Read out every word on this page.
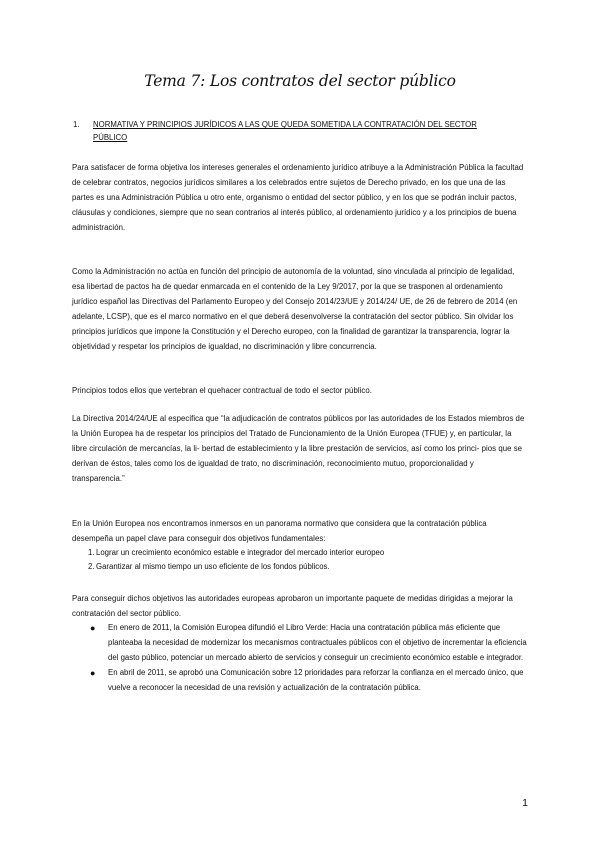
Tema 7: Los contratos del sector público
1. NORMATIVA Y PRINCIPIOS JURÍDICOS A LAS QUE QUEDA SOMETIDA LA CONTRATACIÓN DEL SECTOR PÚBLICO

Para satisfacer de forma objetiva los intereses generales el ordenamiento jurídico atribuye a la Administración Pública la facultad de celebrar contratos, negocios jurídicos similares a los celebrados entre sujetos de Derecho privado, en los que una de las partes es una Administración Pública u otro ente, organismo o entidad del sector público, y en los que se podrán incluir pactos, cláusulas y condiciones, siempre que no sean contrarios al interés público, al ordenamiento jurídico y a los principios de buena administración.

Como la Administración no actúa en función del principio de autonomía de la voluntad, sino vinculada al principio de legalidad, esa libertad de pactos ha de quedar enmarcada en el contenido de la Ley 9/2017, por la que se trasponen al ordenamiento jurídico español las Directivas del Parlamento Europeo y del Consejo 2014/23/UE y 2014/24/ UE, de 26 de febrero de 2014 (en adelante, LCSP), que es el marco normativo en el que deberá desenvolverse la contratación del sector público. Sin olvidar los principios jurídicos que impone la Constitución y el Derecho europeo, con la finalidad de garantizar la transparencia, lograr la objetividad y respetar los principios de igualdad, no discriminación y libre concurrencia.

Principios todos ellos que vertebran el quehacer contractual de todo el sector público.

La Directiva 2014/24/UE al especifica que “la adjudicación de contratos públicos por las autoridades de los Estados miembros de la Unión Europea ha de respetar los principios del Tratado de Funcionamiento de la Unión Europea (TFUE) y, en particular, la libre circulación de mercancías, la li- bertad de establecimiento y la libre prestación de servicios, así como los princi- pios que se derivan de éstos, tales como los de igualdad de trato, no discriminación, reconocimiento mutuo, proporcionalidad y transparencia.”

En la Unión Europea nos encontramos inmersos en un panorama normativo que considera que la contratación pública desempeña un papel clave para conseguir dos objetivos fundamentales:

1. Lograr un crecimiento económico estable e integrador del mercado interior europeo
2. Garantizar al mismo tiempo un uso eficiente de los fondos públicos.

Para conseguir dichos objetivos las autoridades europeas aprobaron un importante paquete de medidas dirigidas a mejorar la contratación del sector público.

● En enero de 2011, la Comisión Europea difundió el Libro Verde: Hacia una contratación pública más eficiente que planteaba la necesidad de modernizar los mecanismos contractuales públicos con el objetivo de incrementar la eficiencia del gasto público, potenciar un mercado abierto de servicios y conseguir un crecimiento económico estable e integrador.
● En abril de 2011, se aprobó una Comunicación sobre 12 prioridades para reforzar la confianza en el mercado único, que vuelve a reconocer la necesidad de una revisión y actualización de la contratación pública.
1
